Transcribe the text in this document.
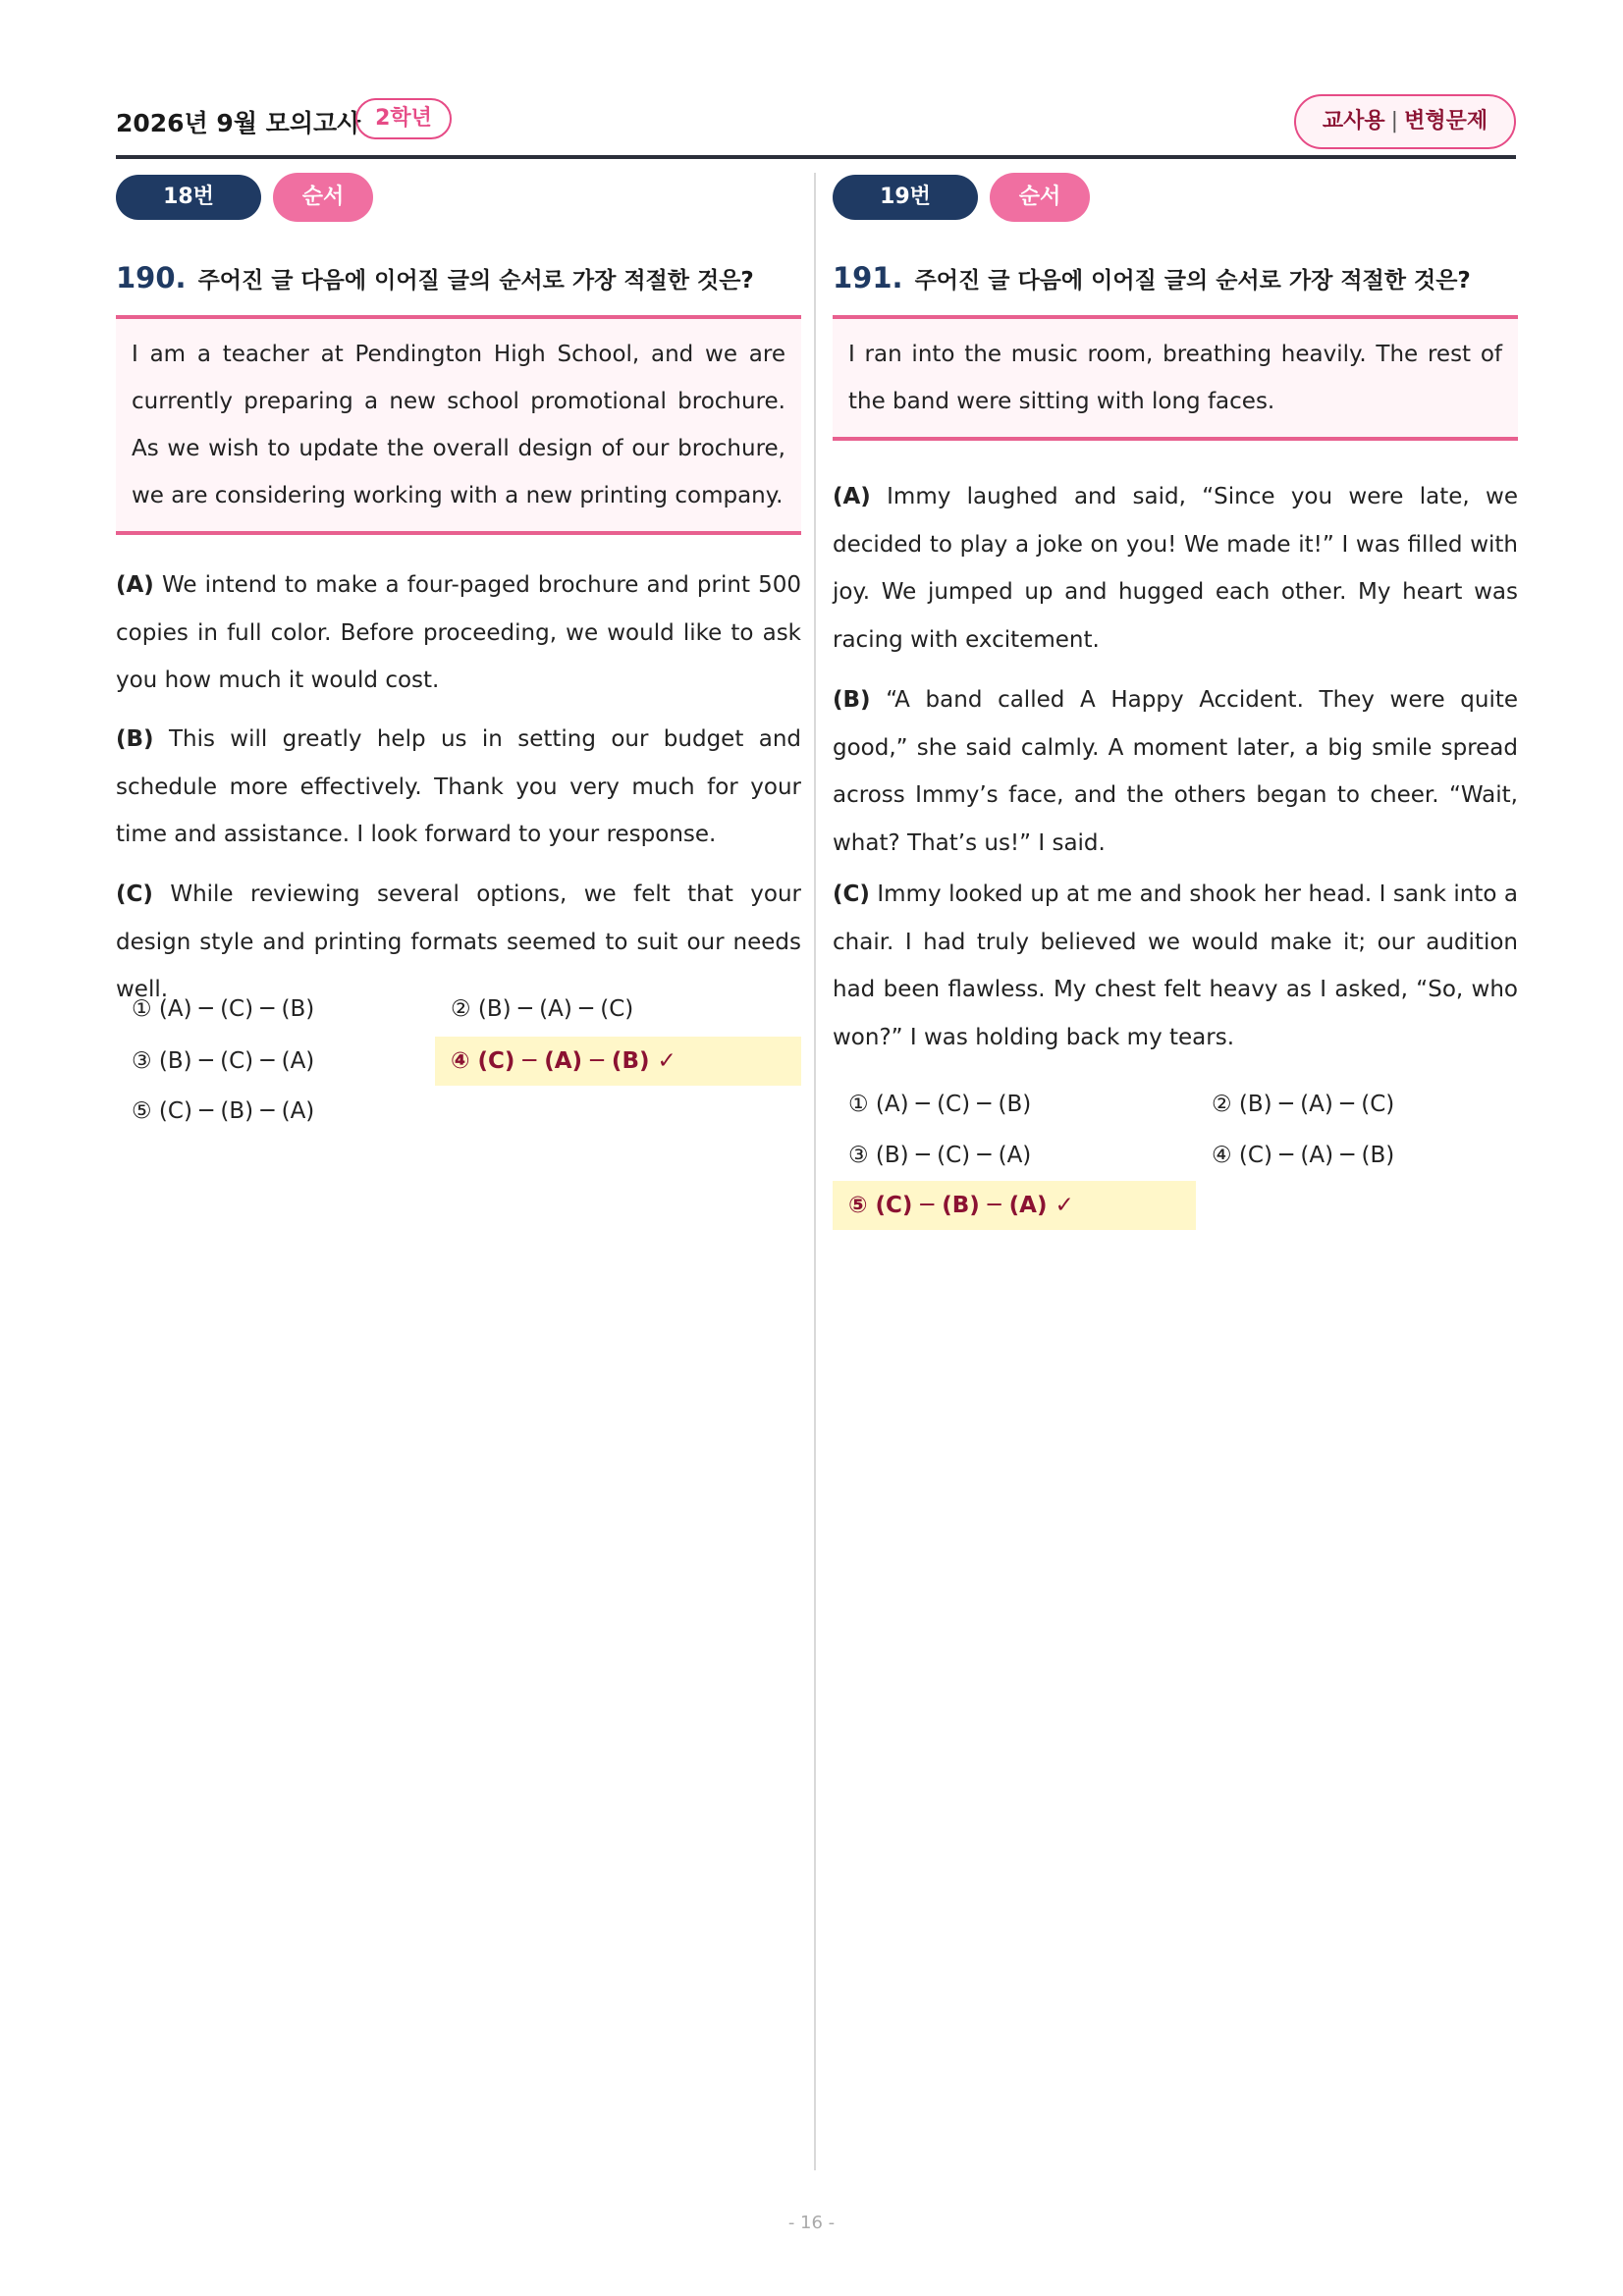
2026년 9월 모의고사 2학년	교사용 | 변형문제
18번	순서
190. 주어진 글 다음에 이어질 글의 순서로 가장 적절한 것은?
I am a teacher at Pendington High School, and we are currently preparing a new school promotional brochure. As we wish to update the overall design of our brochure, we are considering working with a new printing company.
(A) We intend to make a four-paged brochure and print 500 copies in full color. Before proceeding, we would like to ask you how much it would cost.
(B) This will greatly help us in setting our budget and schedule more effectively. Thank you very much for your time and assistance. I look forward to your response.
(C) While reviewing several options, we felt that your design style and printing formats seemed to suit our needs well.
① (A) ─ (C) ─ (B)	② (B) ─ (A) ─ (C)
③ (B) ─ (C) ─ (A)	④ (C) ─ (A) ─ (B) ✓
⑤ (C) ─ (B) ─ (A)
19번	순서
191. 주어진 글 다음에 이어질 글의 순서로 가장 적절한 것은?
I ran into the music room, breathing heavily. The rest of the band were sitting with long faces.
(A) Immy laughed and said, “Since you were late, we decided to play a joke on you! We made it!” I was filled with joy. We jumped up and hugged each other. My heart was racing with excitement.
(B) “A band called A Happy Accident. They were quite good,” she said calmly. A moment later, a big smile spread across Immy’s face, and the others began to cheer. “Wait, what? That’s us!” I said.
(C) Immy looked up at me and shook her head. I sank into a chair. I had truly believed we would make it; our audition had been flawless. My chest felt heavy as I asked, “So, who won?” I was holding back my tears.
① (A) ─ (C) ─ (B)	② (B) ─ (A) ─ (C)
③ (B) ─ (C) ─ (A)	④ (C) ─ (A) ─ (B)
⑤ (C) ─ (B) ─ (A) ✓
- 16 -
